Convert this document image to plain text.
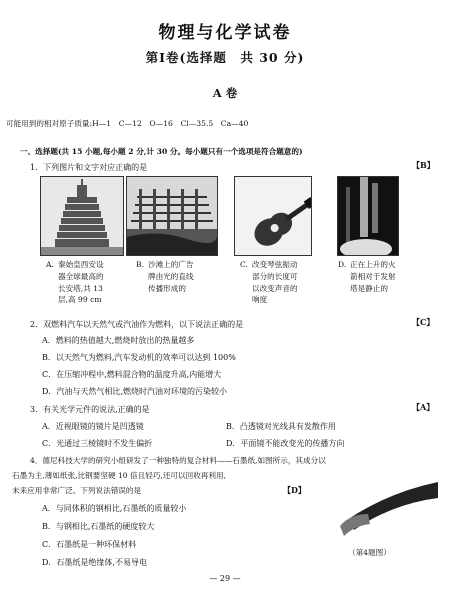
物理与化学试卷
第Ⅰ卷(选择题　共 30 分)
A 卷
可能用到的相对原子质量:H—1　C—12　O—16　Cl—35.5　Ca—40
一、选择题(共 15 小题,每小题 2 分,计 30 分。每小题只有一个选项是符合题意的)
1．下列图片和文字对应正确的是	【B】
A. 秦始皇西安设
器全球最高的
长安塔,共 13
层,高 99 cm
B. 沙滩上的广告
牌由光的直线
传播形成的
C. 改变琴弦振动
部分的长度可
以改变声音的
响度
D. 正在上升的火
箭相对于发射
塔是静止的
2．双燃料汽车以天然气或汽油作为燃料，以下说法正确的是	【C】
A．燃料的热值越大,燃烧时放出的热量越多
B．以天然气为燃料,汽车发动机的效率可以达到 100%
C．在压缩冲程中,燃料混合物的温度升高,内能增大
D．汽油与天然气相比,燃烧时汽油对环境的污染较小
3．有关光学元件的说法,正确的是	【A】
A．近视眼镜的镜片是凹透镜	B．凸透镜对光线具有发散作用
C．光通过三棱镜时不发生偏折	D．平面镜不能改变光的传播方向
4．德尼科技大学的研究小组研发了一种独特的复合材料——石墨纸,如图所示，其成分以
石墨为主,薄如纸张,比钢要坚硬 10 倍且轻巧,还可以回收再利用,
未来应用非常广泛。下列说法错误的是	【D】
A．与同体积的钢相比,石墨纸的质量较小
B．与钢相比,石墨纸的硬度较大
C．石墨纸是一种环保材料
D．石墨纸是绝缘体,不易导电
（第4题图）
— 29 —
